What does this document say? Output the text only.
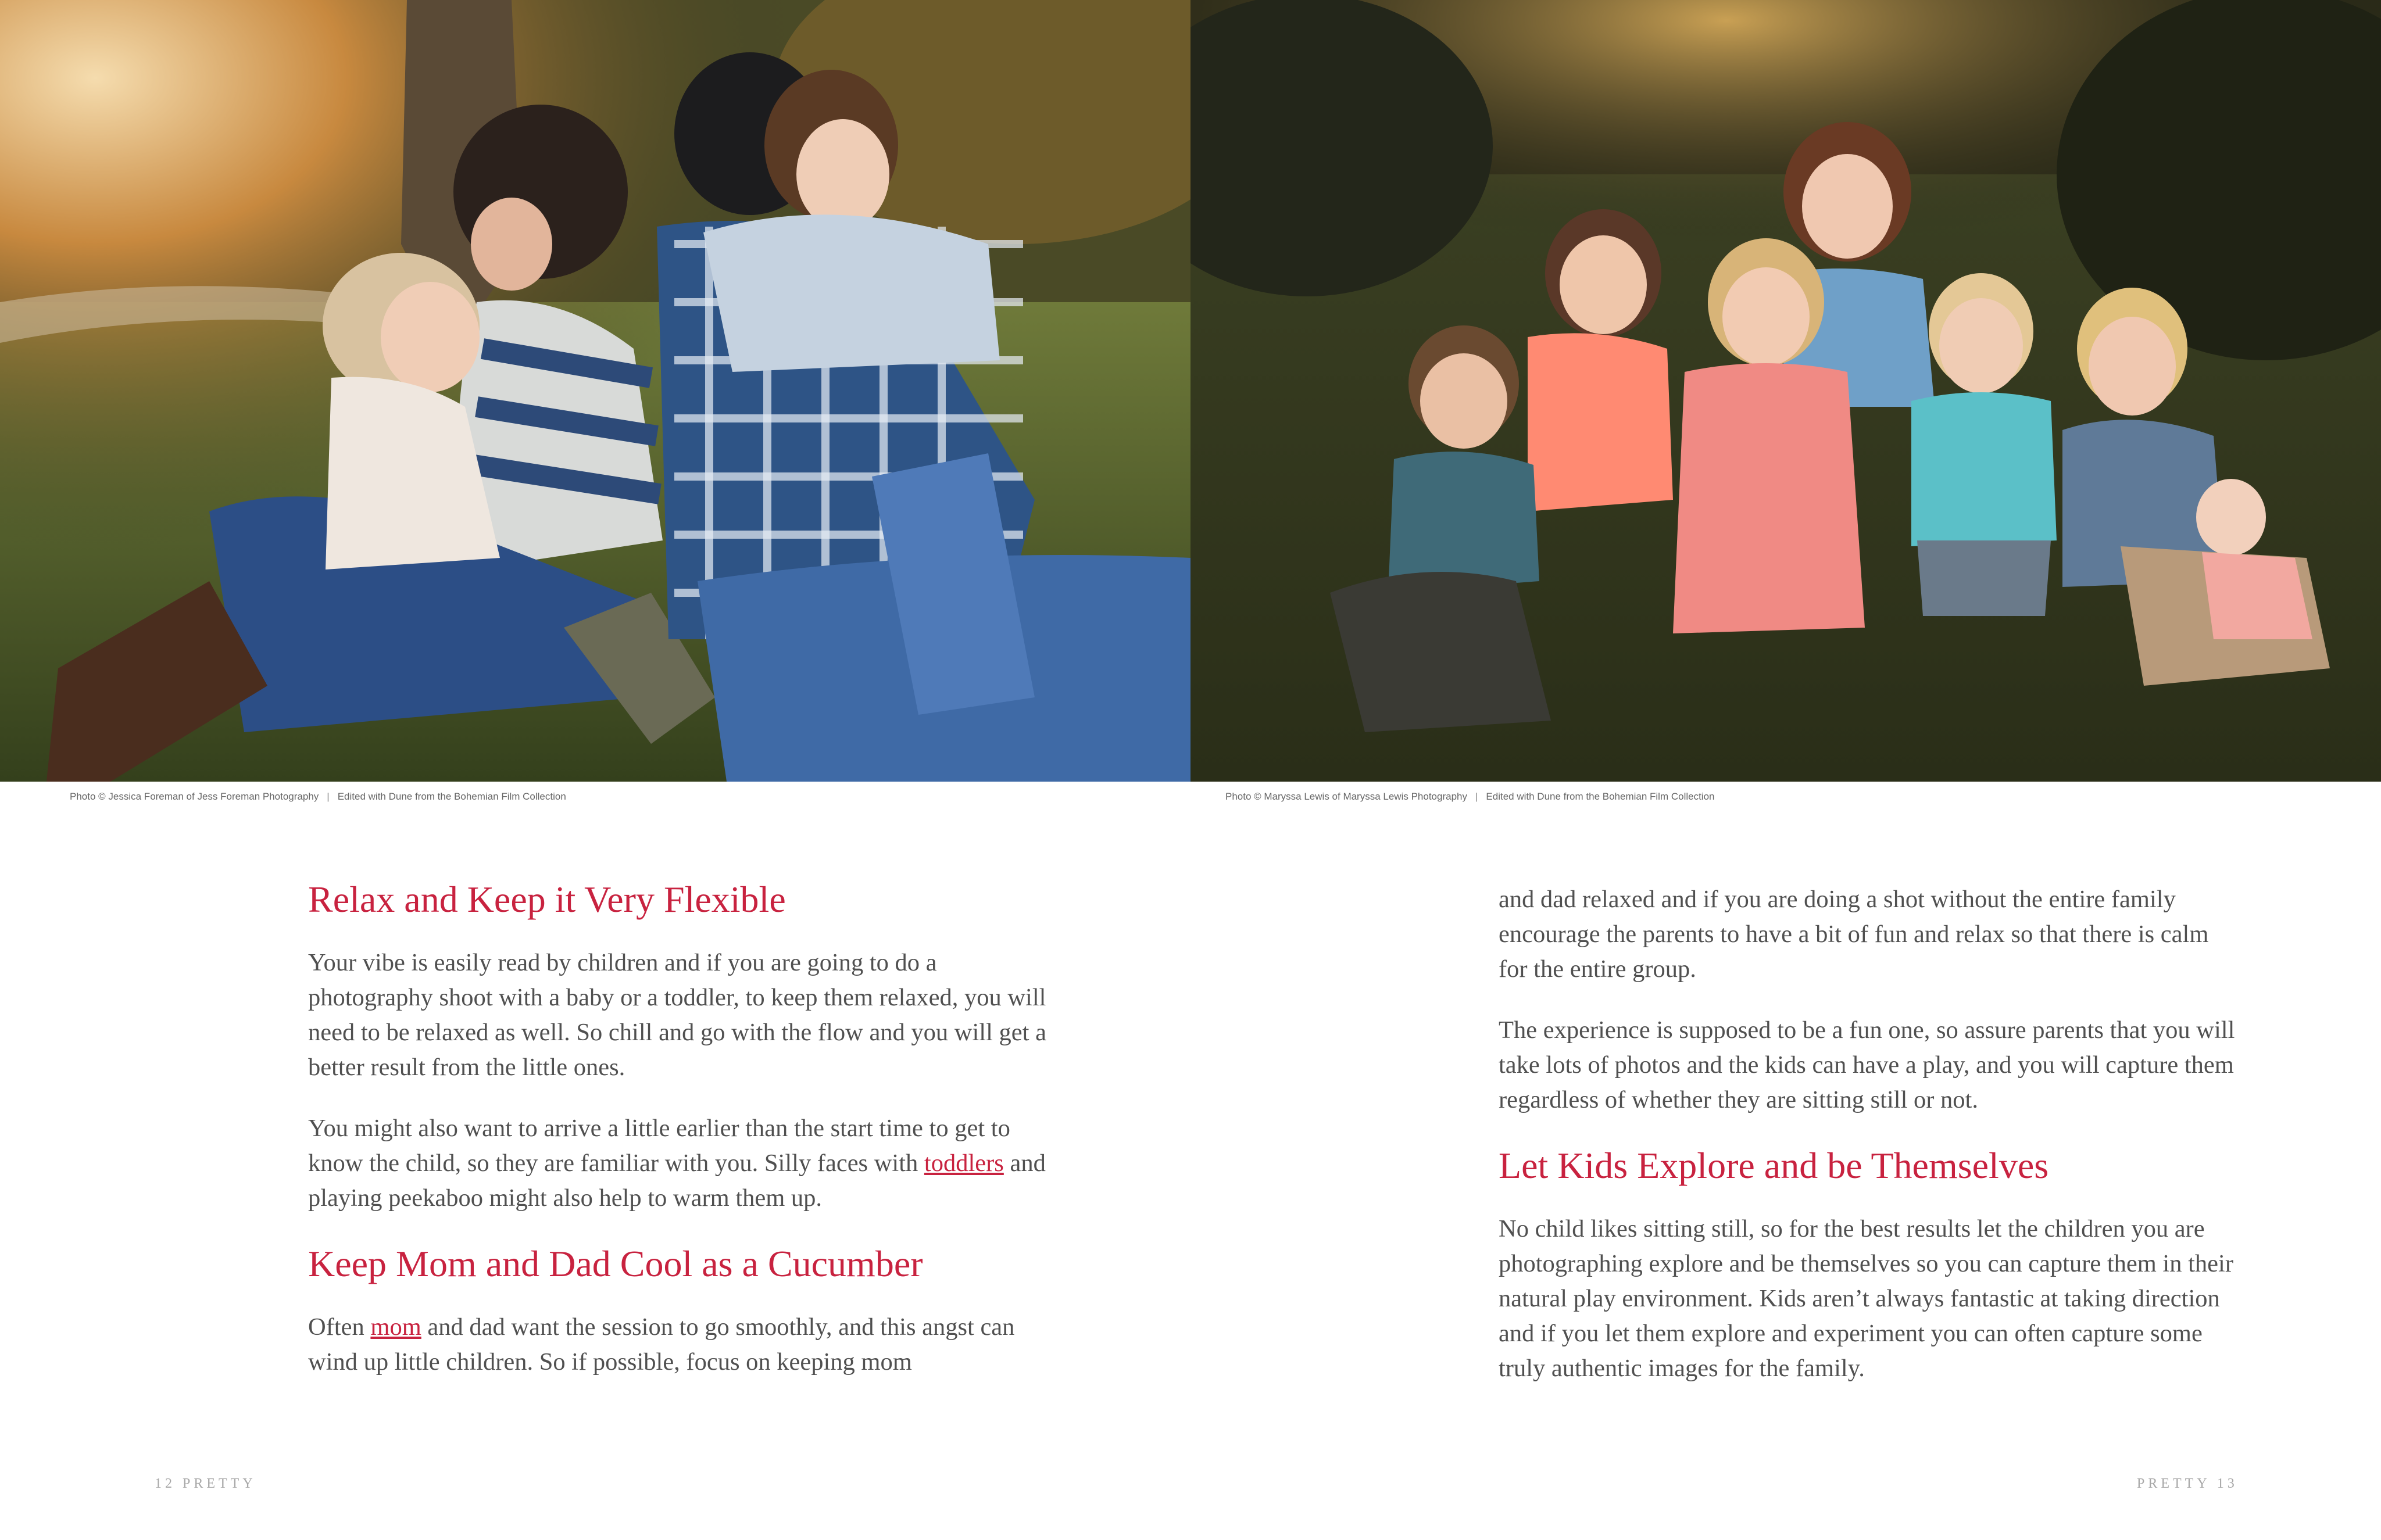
Photo © Jessica Foreman of Jess Foreman Photography | Edited with Dune from the Bohemian Film Collection	Photo © Maryssa Lewis of Maryssa Lewis Photography | Edited with Dune from the Bohemian Film Collection
Relax and Keep it Very Flexible

Your vibe is easily read by children and if you are going to do a photography shoot with a baby or a toddler, to keep them relaxed, you will need to be relaxed as well. So chill and go with the flow and you will get a better result from the little ones.

You might also want to arrive a little earlier than the start time to get to know the child, so they are familiar with you. Silly faces with toddlers and playing peekaboo might also help to warm them up.

Keep Mom and Dad Cool as a Cucumber

Often mom and dad want the session to go smoothly, and this angst can wind up little children. So if possible, focus on keeping mom

and dad relaxed and if you are doing a shot without the entire family encourage the parents to have a bit of fun and relax so that there is calm for the entire group.

The experience is supposed to be a fun one, so assure parents that you will take lots of photos and the kids can have a play, and you will capture them regardless of whether they are sitting still or not.

Let Kids Explore and be Themselves

No child likes sitting still, so for the best results let the children you are photographing explore and be themselves so you can capture them in their natural play environment. Kids aren’t always fantastic at taking direction and if you let them explore and experiment you can often capture some truly authentic images for the family.

12 PRETTY	PRETTY 13
